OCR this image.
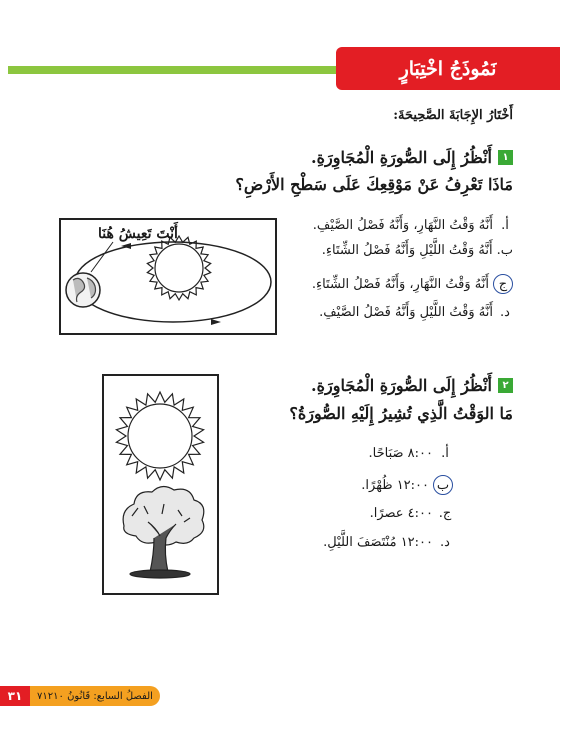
نَمُوذَجُ اخْتِبَارٍ
أَخْتَارُ الإِجَابَةَ الصَّحِيحَةَ:
١
أَنْظُرُ إِلَى الصُّورَةِ الْمُجَاوِرَةِ.
مَاذَا تَعْرِفُ عَنْ مَوْقِعِكَ عَلَى سَطْحِ الأَرْضِ؟
أ.
أَنَّهُ وَقْتُ النَّهَارِ، وَأَنَّهُ فَصْلُ الصَّيْفِ.
ب.
أَنَّهُ وَقْتُ اللَّيْلِ وَأَنَّهُ فَصْلُ الشِّتَاءِ.
ج
أَنَّهُ وَقْتُ النَّهَارِ، وَأَنَّهُ فَصْلُ الشِّتَاءِ.
د.
أَنَّهُ وَقْتُ اللَّيْلِ وَأَنَّهُ فَصْلُ الصَّيْفِ.
أَنْتَ تَعِيشُ هُنَا
٢
أَنْظُرُ إِلَى الصُّورَةِ الْمُجَاوِرَةِ.
مَا الوَقْتُ الَّذِي تُشِيرُ إِلَيْهِ الصُّورَةُ؟
أ.
٨:٠٠ صَبَاحًا.
ب
١٢:٠٠ ظُهْرًا.
ج.
٤:٠٠ عصرًا.
د.
١٢:٠٠ مُنْتَصَفَ اللَّيْلِ.
٣١	الفصلُ السابع: قَانُونُ ٧١٢١٠
